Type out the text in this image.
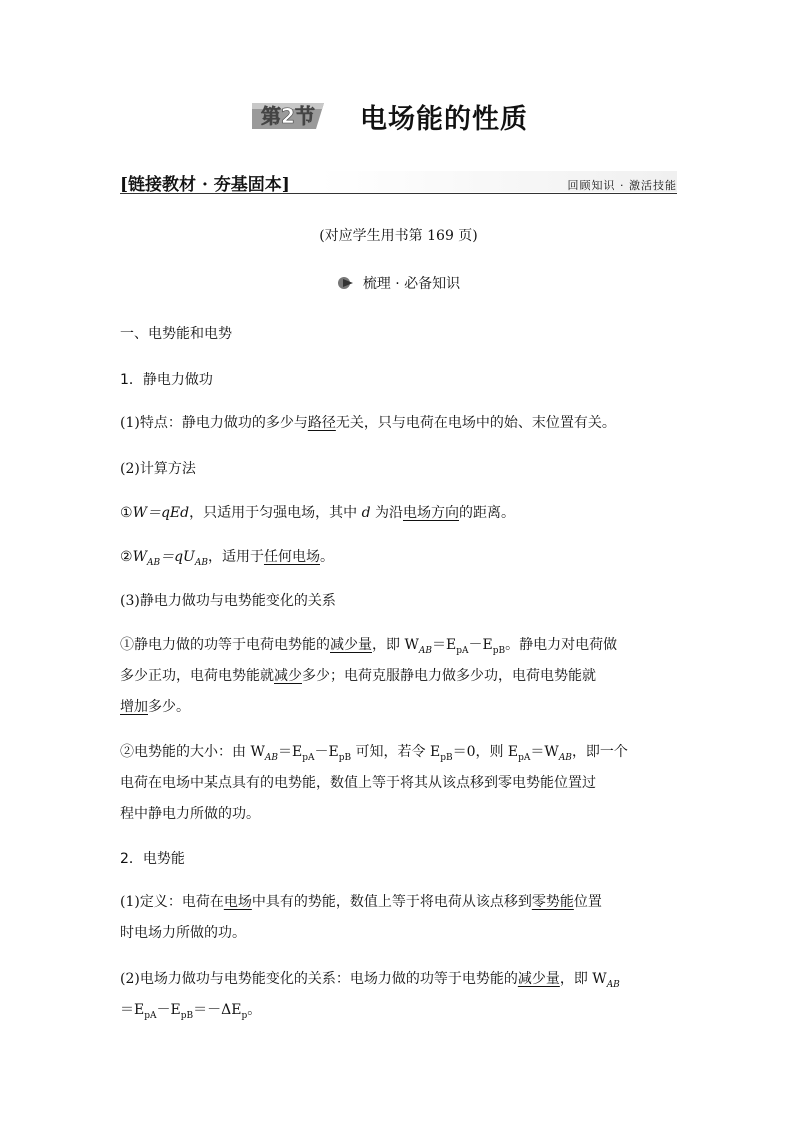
第2节	电场能的性质
[链接教材 · 夯基固本]	回顾知识 · 激活技能
(对应学生用书第 169 页)
梳理 · 必备知识
一、电势能和电势
1．静电力做功
(1)特点：静电力做功的多少与路径无关，只与电荷在电场中的始、末位置有关。
(2)计算方法
①W＝qEd，只适用于匀强电场，其中 d 为沿电场方向的距离。
$②W_{AB}=qU_{AB}$，适用于任何电场。
(3)静电力做功与电势能变化的关系
①静电力做的功等于电荷电势能的减少量，即 $W_{AB}=E_{pA}-E_{pB}$。静电力对电荷做
多少正功，电荷电势能就减少多少；电荷克服静电力做多少功，电荷电势能就
增加多少。
②电势能的大小：由 $W_{AB}=E_{pA}-E_{pB}$ 可知，若令 $E_{pB}=0$，则 $E_{pA}=W_{AB}$，即一个
电荷在电场中某点具有的电势能，数值上等于将其从该点移到零电势能位置过
程中静电力所做的功。
2．电势能
(1)定义：电荷在电场中具有的势能，数值上等于将电荷从该点移到零势能位置
时电场力所做的功。
(2)电场力做功与电势能变化的关系：电场力做的功等于电势能的减少量，即 $W_{AB}$
$=E_{pA}-E_{pB}=-\Delta E_p$。
